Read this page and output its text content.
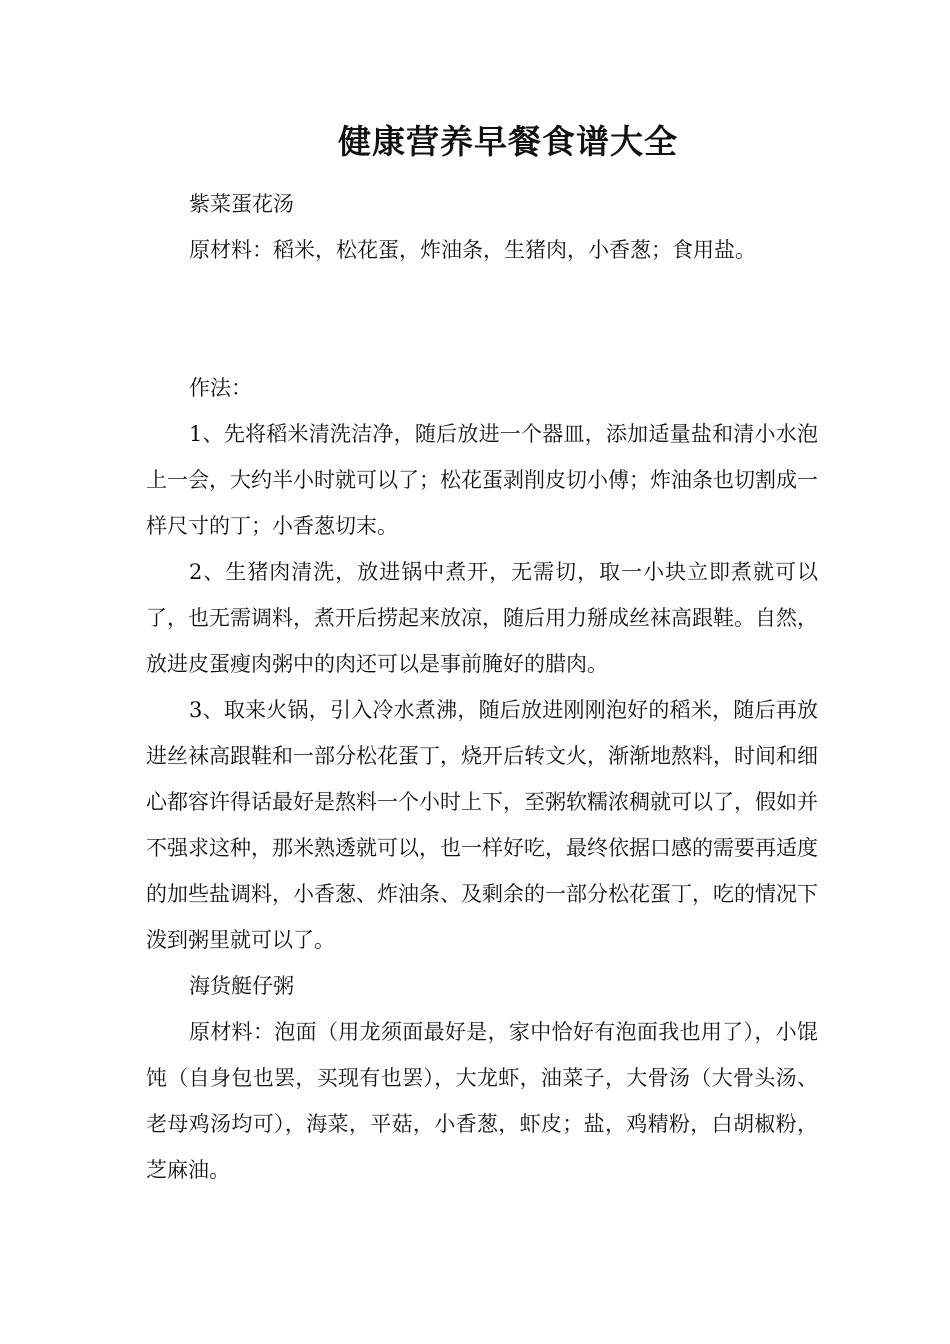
健康营养早餐食谱大全

紫菜蛋花汤

原材料：稻米，松花蛋，炸油条，生猪肉，小香葱；食用盐。

作法：

1、先将稻米清洗洁净，随后放进一个器皿，添加适量盐和清小水泡上一会，大约半小时就可以了；松花蛋剥削皮切小傅；炸油条也切割成一样尺寸的丁；小香葱切末。

2、生猪肉清洗，放进锅中煮开，无需切，取一小块立即煮就可以了，也无需调料，煮开后捞起来放凉，随后用力掰成丝袜高跟鞋。自然，放进皮蛋瘦肉粥中的肉还可以是事前腌好的腊肉。

3、取来火锅，引入冷水煮沸，随后放进刚刚泡好的稻米，随后再放进丝袜高跟鞋和一部分松花蛋丁，烧开后转文火，渐渐地熬料，时间和细心都容许得话最好是熬料一个小时上下，至粥软糯浓稠就可以了，假如并不强求这种，那米熟透就可以，也一样好吃，最终依据口感的需要再适度的加些盐调料，小香葱、炸油条、及剩余的一部分松花蛋丁，吃的情况下泼到粥里就可以了。

海货艇仔粥

原材料：泡面（用龙须面最好是，家中恰好有泡面我也用了），小馄饨（自身包也罢，买现有也罢），大龙虾，油菜子，大骨汤（大骨头汤、老母鸡汤均可），海菜，平菇，小香葱，虾皮；盐，鸡精粉，白胡椒粉，芝麻油。
